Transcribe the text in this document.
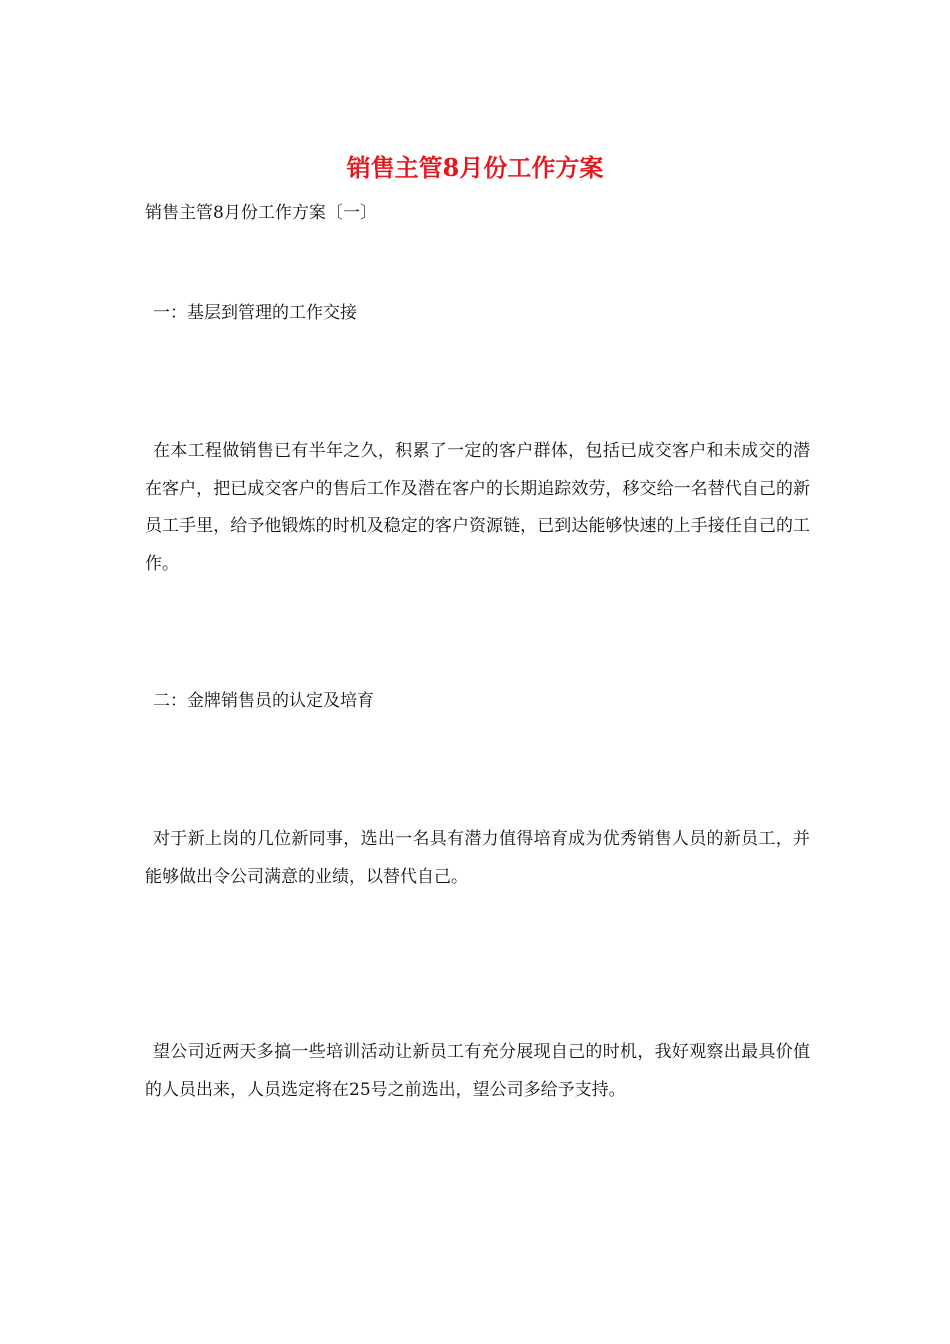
销售主管8月份工作方案

销售主管8月份工作方案〔一〕

一：基层到管理的工作交接

在本工程做销售已有半年之久，积累了一定的客户群体，包括已成交客户和未成交的潜在客户，把已成交客户的售后工作及潜在客户的长期追踪效劳，移交给一名替代自己的新员工手里，给予他锻炼的时机及稳定的客户资源链，已到达能够快速的上手接任自己的工作。

二：金牌销售员的认定及培育

对于新上岗的几位新同事，选出一名具有潜力值得培育成为优秀销售人员的新员工，并能够做出令公司满意的业绩，以替代自己。

望公司近两天多搞一些培训活动让新员工有充分展现自己的时机，我好观察出最具价值的人员出来，人员选定将在25号之前选出，望公司多给予支持。
